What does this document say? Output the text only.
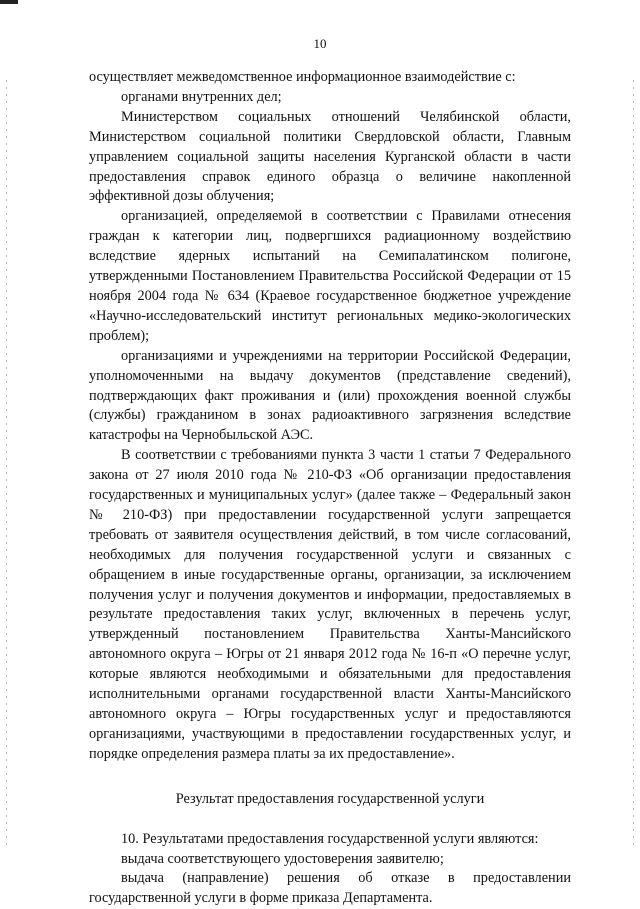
10

осуществляет межведомственное информационное взаимодействие с:

органами внутренних дел;

Министерством социальных отношений Челябинской области, Министерством социальной политики Свердловской области, Главным управлением социальной защиты населения Курганской области в части предоставления справок единого образца о величине накопленной эффективной дозы облучения;

организацией, определяемой в соответствии с Правилами отнесения граждан к категории лиц, подвергшихся радиационному воздействию вследствие ядерных испытаний на Семипалатинском полигоне, утвержденными Постановлением Правительства Российской Федерации от 15 ноября 2004 года № 634 (Краевое государственное бюджетное учреждение «Научно-исследовательский институт региональных медико-экологических проблем);

организациями и учреждениями на территории Российской Федерации, уполномоченными на выдачу документов (представление сведений), подтверждающих факт проживания и (или) прохождения военной службы (службы) гражданином в зонах радиоактивного загрязнения вследствие катастрофы на Чернобыльской АЭС.

В соответствии с требованиями пункта 3 части 1 статьи 7 Федерального закона от 27 июля 2010 года № 210-ФЗ «Об организации предоставления государственных и муниципальных услуг» (далее также – Федеральный закон № 210-ФЗ) при предоставлении государственной услуги запрещается требовать от заявителя осуществления действий, в том числе согласований, необходимых для получения государственной услуги и связанных с обращением в иные государственные органы, организации, за исключением получения услуг и получения документов и информации, предоставляемых в результате предоставления таких услуг, включенных в перечень услуг, утвержденный постановлением Правительства Ханты-Мансийского автономного округа – Югры от 21 января 2012 года № 16-п «О перечне услуг, которые являются необходимыми и обязательными для предоставления исполнительными органами государственной власти Ханты-Мансийского автономного округа – Югры государственных услуг и предоставляются организациями, участвующими в предоставлении государственных услуг, и порядке определения размера платы за их предоставление».

Результат предоставления государственной услуги

10. Результатами предоставления государственной услуги являются:

выдача соответствующего удостоверения заявителю;

выдача (направление) решения об отказе в предоставлении государственной услуги в форме приказа Департамента.
